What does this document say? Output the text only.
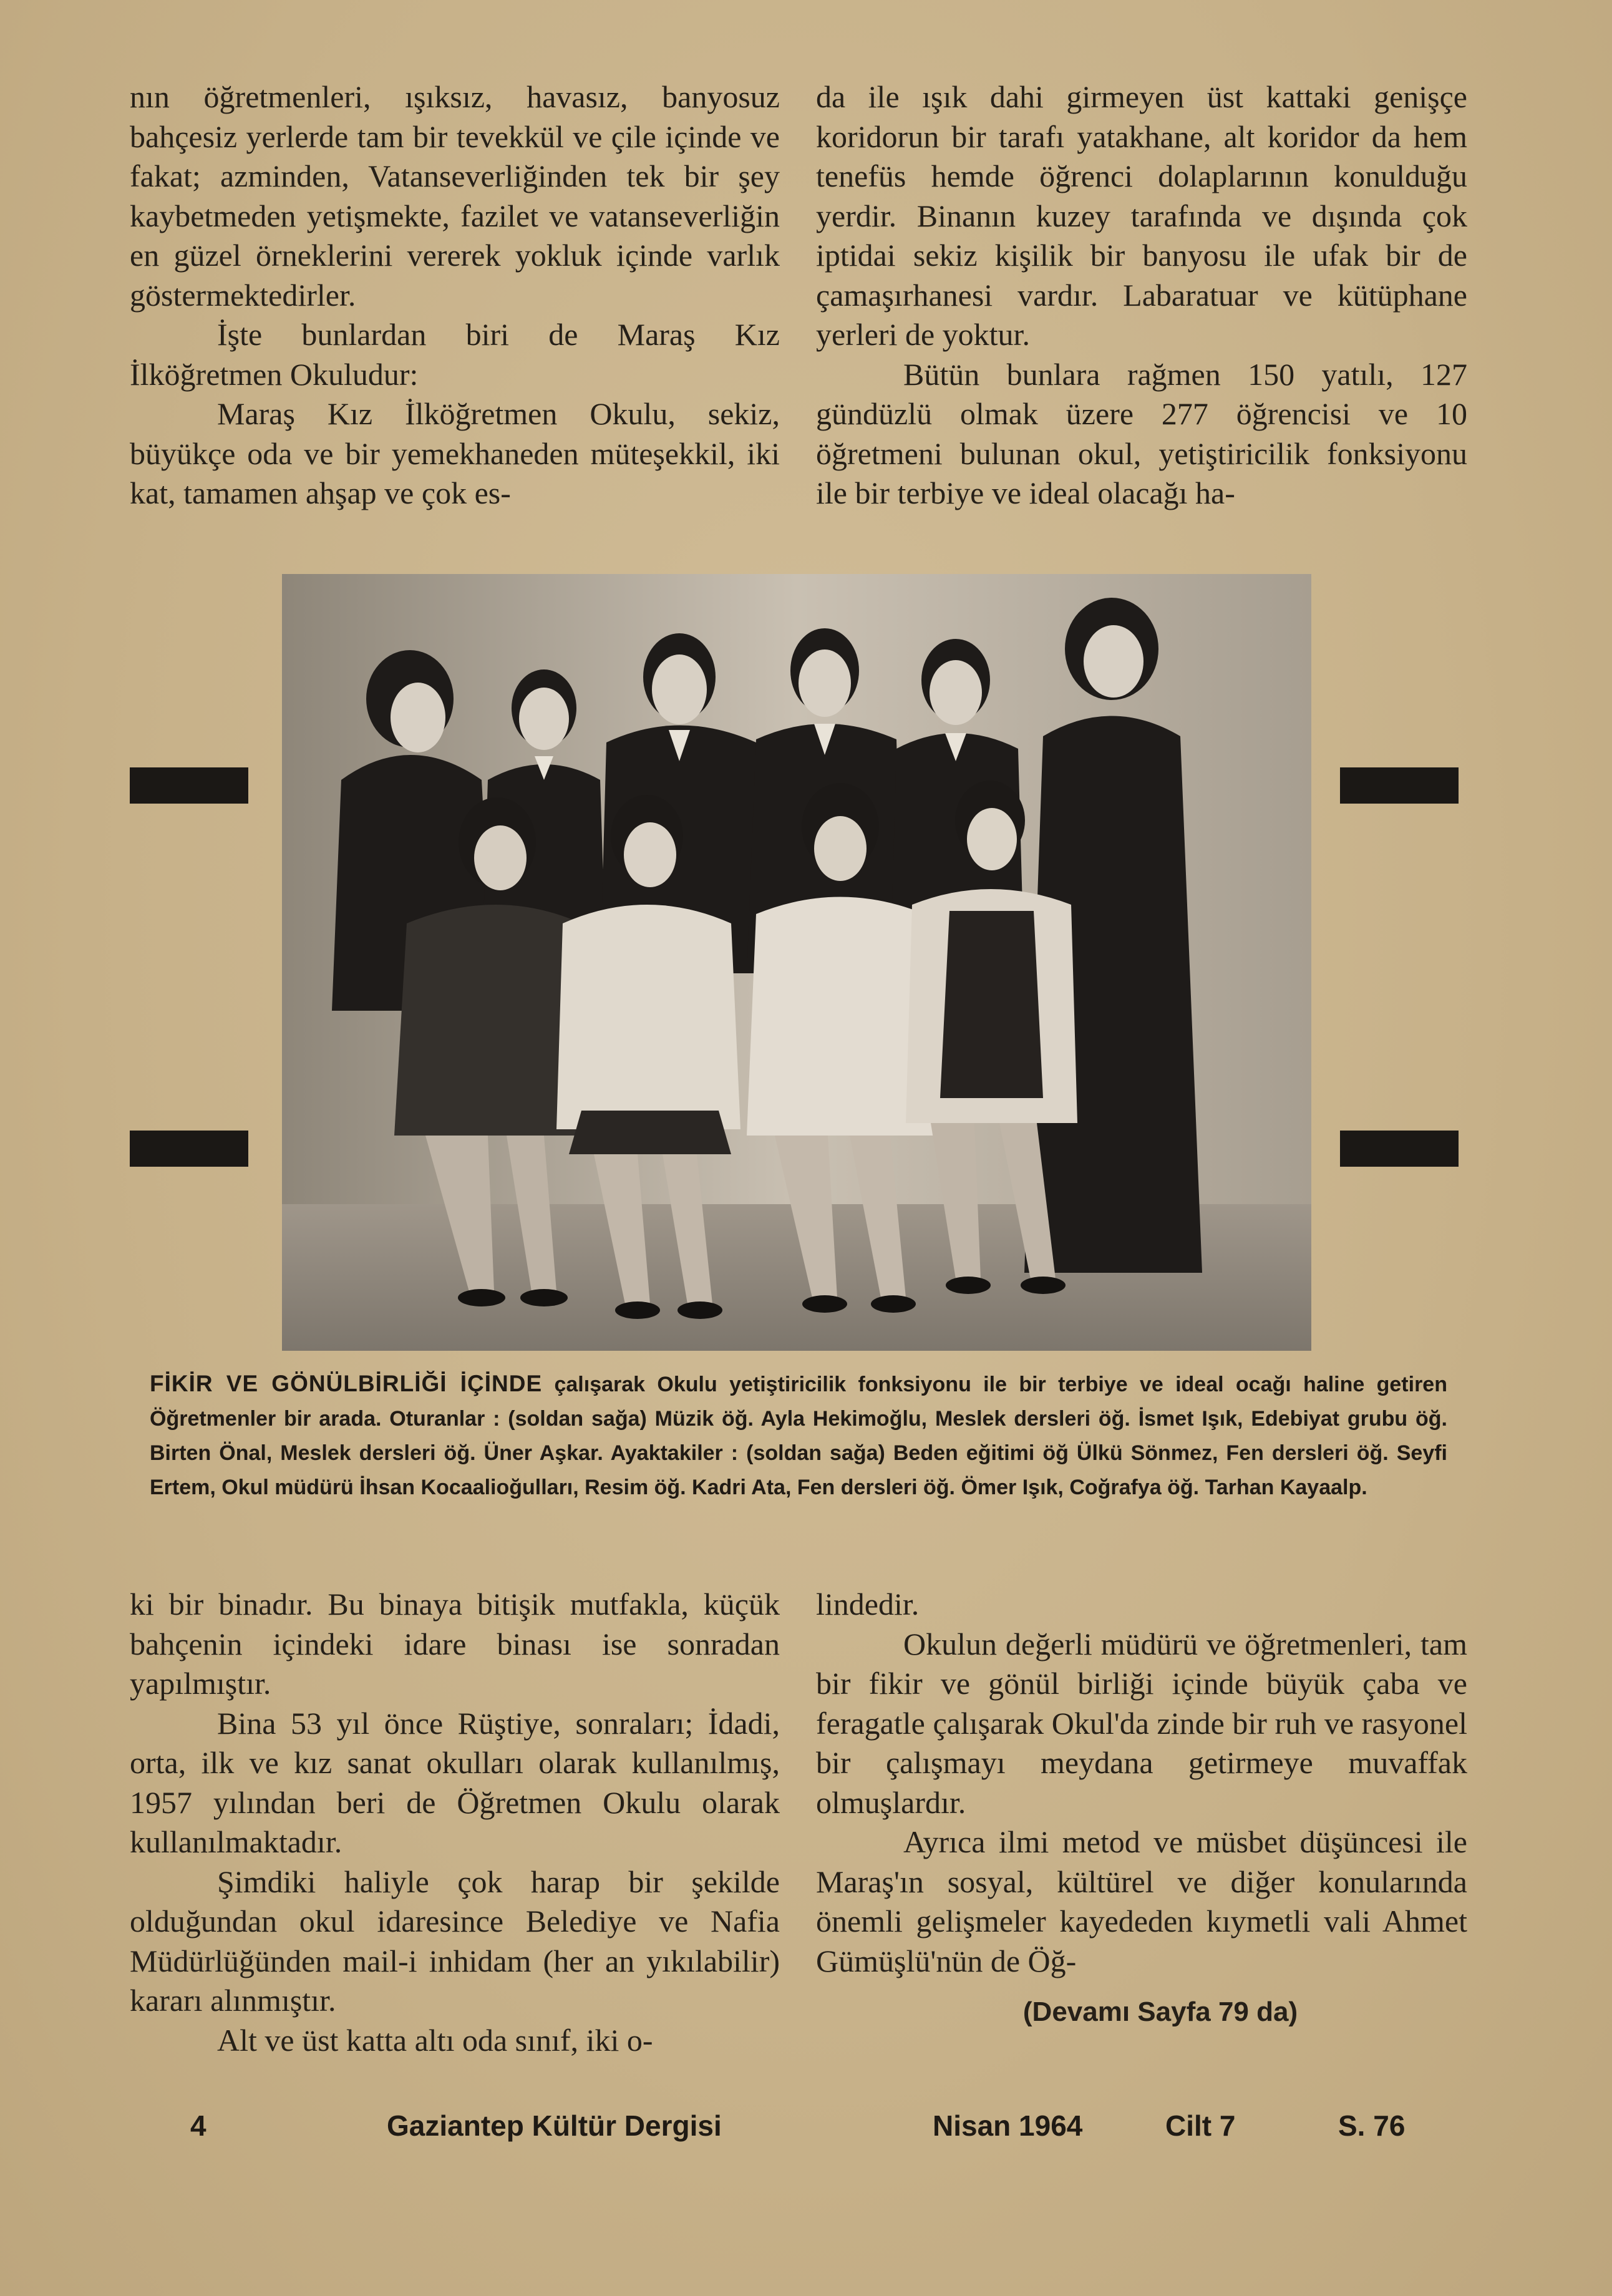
nın öğretmenleri, ışıksız, havasız, banyosuz bahçesiz yerlerde tam bir tevekkül ve çile içinde ve fakat; azminden, Vatanseverliğinden tek bir şey kaybetmeden yetişmekte, fazilet ve vatanseverliğin en güzel örneklerini vererek yokluk içinde varlık göstermektedirler.

İşte bunlardan biri de Maraş Kız İlköğretmen Okuludur:

Maraş Kız İlköğretmen Okulu, sekiz, büyükçe oda ve bir yemekhaneden müteşekkil, iki kat, tamamen ahşap ve çok es-

da ile ışık dahi girmeyen üst kattaki genişçe koridorun bir tarafı yatakhane, alt koridor da hem tenefüs hemde öğrenci dolaplarının konulduğu yerdir. Binanın kuzey tarafında ve dışında çok iptidai sekiz kişilik bir banyosu ile ufak bir de çamaşırhanesi vardır. Labaratuar ve kütüphane yerleri de yoktur.

Bütün bunlara rağmen 150 yatılı, 127 gündüzlü olmak üzere 277 öğrencisi ve 10 öğretmeni bulunan okul, yetiştiricilik fonksiyonu ile bir terbiye ve ideal olacağı ha-

FİKİR VE GÖNÜLBİRLİĞİ İÇİNDE çalışarak Okulu yetiştiricilik fonksiyonu ile bir terbiye ve ideal ocağı haline getiren Öğretmenler bir arada. Oturanlar : (soldan sağa) Müzik öğ. Ayla Hekimoğlu, Meslek dersleri öğ. İsmet Işık, Edebiyat grubu öğ. Birten Önal, Meslek dersleri öğ. Üner Aşkar. Ayaktakiler : (soldan sağa) Beden eğitimi öğ Ülkü Sönmez, Fen dersleri öğ. Seyfi Ertem, Okul müdürü İhsan Kocaalioğulları, Resim öğ. Kadri Ata, Fen dersleri öğ. Ömer Işık, Coğrafya öğ. Tarhan Kayaalp.

ki bir binadır. Bu binaya bitişik mutfakla, küçük bahçenin içindeki idare binası ise sonradan yapılmıştır.

Bina 53 yıl önce Rüştiye, sonraları; İdadi, orta, ilk ve kız sanat okulları olarak kullanılmış, 1957 yılından beri de Öğretmen Okulu olarak kullanılmaktadır.

Şimdiki haliyle çok harap bir şekilde olduğundan okul idaresince Belediye ve Nafia Müdürlüğünden mail-i inhidam (her an yıkılabilir) kararı alınmıştır.

Alt ve üst katta altı oda sınıf, iki o-

lindedir.

Okulun değerli müdürü ve öğretmenleri, tam bir fikir ve gönül birliği içinde büyük çaba ve feragatle çalışarak Okul'da zinde bir ruh ve rasyonel bir çalışmayı meydana getirmeye muvaffak olmuşlardır.

Ayrıca ilmi metod ve müsbet düşüncesi ile Maraş'ın sosyal, kültürel ve diğer konularında önemli gelişmeler kayededen kıymetli vali Ahmet Gümüşlü'nün de Öğ-

(Devamı Sayfa 79 da)
4	Gaziantep Kültür Dergisi	Nisan 1964	Cilt 7	S. 76
